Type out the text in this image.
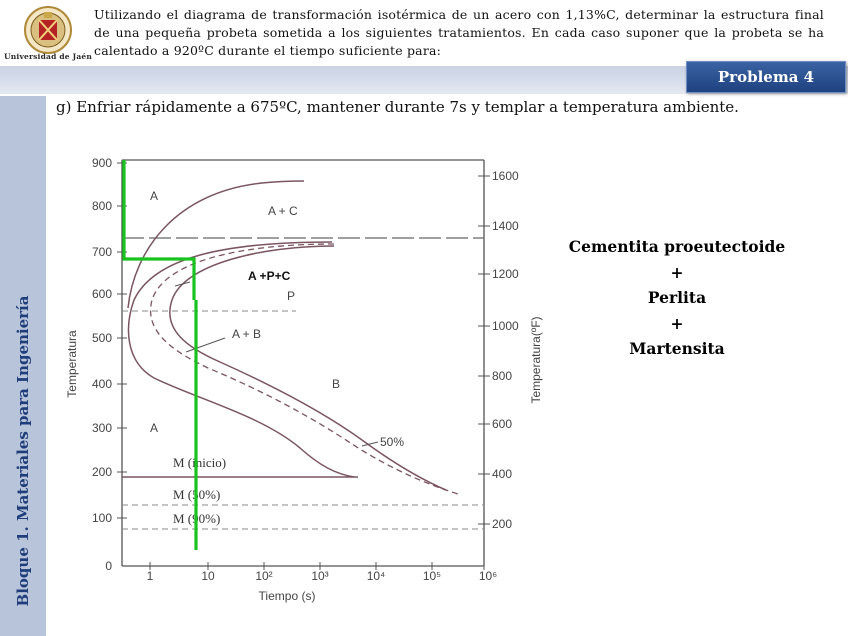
Universidad de Jaén
Utilizando el diagrama de transformación isotérmica de un acero con 1,13%C, determinar la estructura final de una pequeña probeta sometida a los siguientes tratamientos. En cada caso suponer que la probeta se ha calentado a 920ºC durante el tiempo suficiente para:
Problema 4
Bloque 1. Materiales para Ingeniería
g) Enfriar rápidamente a 675ºC, mantener durante 7s y templar a temperatura ambiente.
900
800
700
600
500
400
300
200
100
0
1600
1400
1200
1000
800
600
400
200
1	10	10²	10³	10⁴	10⁵	10⁶
Temperatura	Temperatura(ºF)
Tiempo (s)
A
A + C
A +P+C
P
A + B
B
A
50%
M (inicio)
M (50%)
M (90%)
Cementita proeutectoide
+
Perlita
+
Martensita
